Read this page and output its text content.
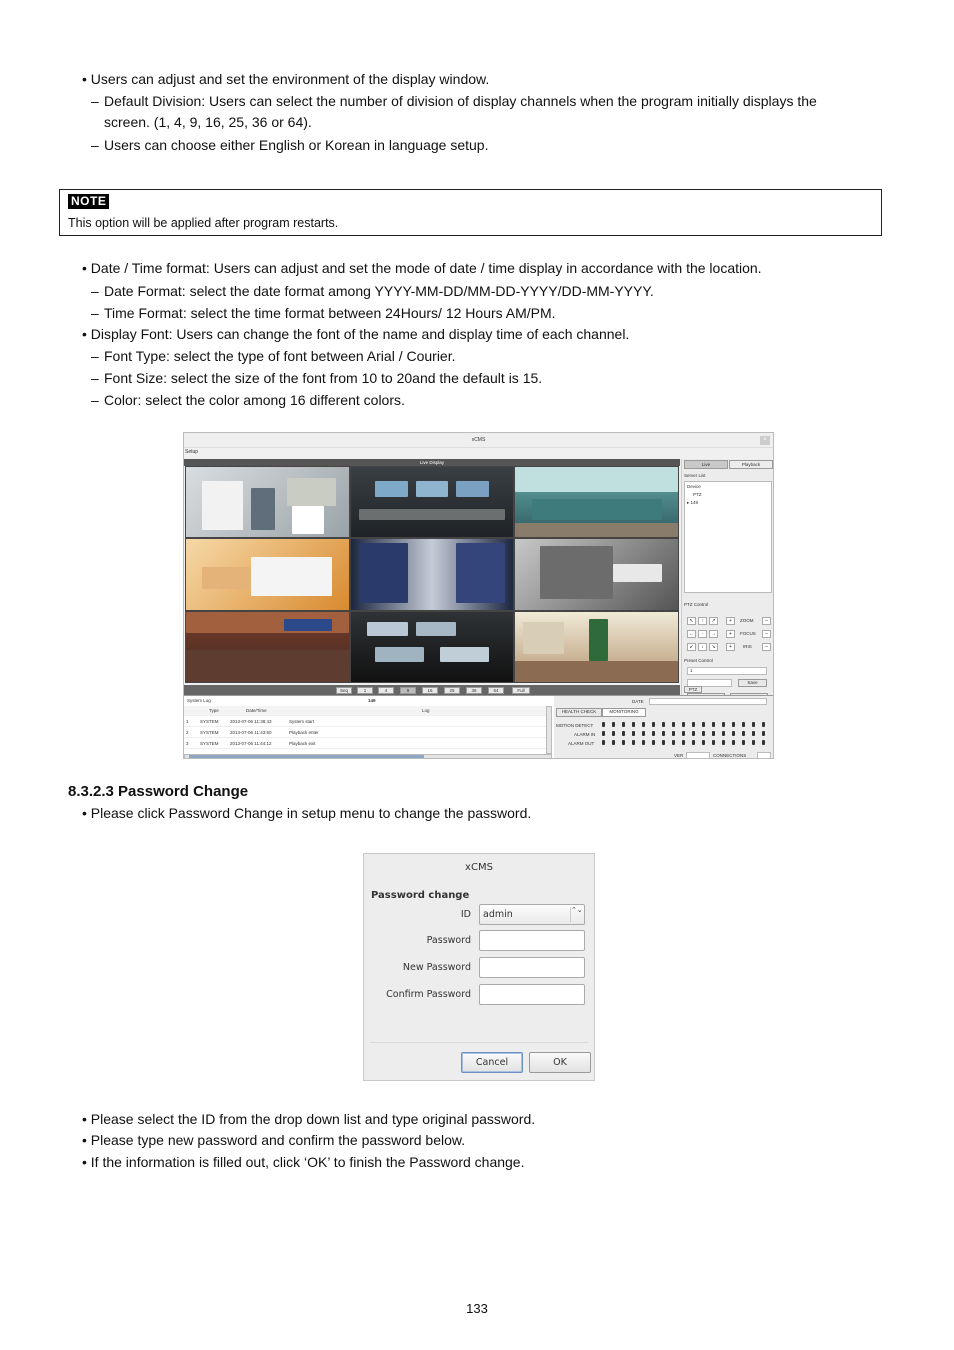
• Users can adjust and set the environment of the display window.
– Default Division: Users can select the number of division of display channels when the program initially displays the
screen. (1, 4, 9, 16, 25, 36 or 64).
– Users can choose either English or Korean in language setup.
NOTE
This option will be applied after program restarts.
• Date / Time format: Users can adjust and set the mode of date / time display in accordance with the location.
– Date Format: select the date format among YYYY-MM-DD/MM-DD-YYYY/DD-MM-YYYY.
– Time Format: select the time format between 24Hours/ 12 Hours AM/PM.
• Display Font: Users can change the font of the name and display time of each channel.
– Font Type: select the type of font between Arial / Courier.
– Font Size: select the size of the font from 10 to 20and the default is 15.
– Color: select the color among 16 different colors.
xCMS	×
Setup
Live Display
Seq	1	4	9	16	25	36	64	Full
Live	Playback
Server List
Device
PTZ
▸ 149
PTZ Control
↖	↑	↗
←	·	→
↙	↓	↘
+	ZOOM	–
+	FOCUS	–
+	IRIS	–
Preset Control
1
Save
PTZ
System Log	149
Type	Date/Time	Log
1	SYSTEM	2013-07-06 11:38:43	System start
2	SYSTEM	2013-07-06 11:43:50	Playback enter
3	SYSTEM	2013-07-06 11:44:12	Playback exit
DATE
HEALTH CHECK	MONITORING
MOTION DETECT
ALARM IN
ALARM OUT
VER	CONNECTIONS
8.3.2.3 Password Change
• Please click Password Change in setup menu to change the password.
xCMS
Password change
ID	admin	⌃⌄
Password
New Password
Confirm Password
Cancel	OK
• Please select the ID from the drop down list and type original password.
• Please type new password and confirm the password below.
• If the information is filled out, click ‘OK’ to finish the Password change.
133
